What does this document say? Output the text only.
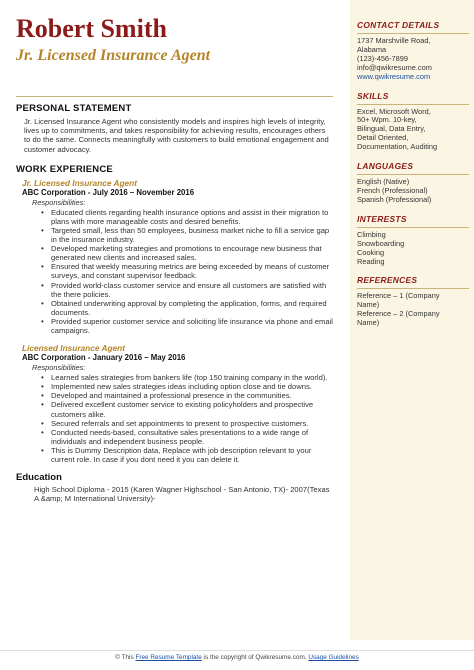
Robert Smith
Jr. Licensed Insurance Agent
PERSONAL STATEMENT
Jr. Licensed Insurance Agent who consistently models and inspires high levels of integrity, lives up to commitments, and takes responsibility for achieving results, encourages others to do the same. Connects meaningfully with customers to build emotional engagement and customer advocacy.
WORK EXPERIENCE
Jr. Licensed Insurance Agent
ABC Corporation - July 2016 – November 2016
Responsibilities:
• Educated clients regarding health insurance options and assist in their migration to plans with more manageable costs and desired benefits.
• Targeted small, less than 50 employees, business market niche to fill a service gap in the insurance industry.
• Developed marketing strategies and promotions to encourage new business that generated new clients and increased sales.
• Ensured that weekly measuring metrics are being exceeded by means of customer surveys, and constant supervisor feedback.
• Provided world-class customer service and ensure all customers are satisfied with the there policies.
• Obtained underwriting approval by completing the application, forms, and required documents.
• Provided superior customer service and soliciting life insurance via phone and email campaigns.
Licensed Insurance Agent
ABC Corporation - January 2016 – May 2016
Responsibilities:
• Learned sales strategies from bankers life (top 150 training company in the world).
• Implemented new sales strategies ideas including option close and tie downs.
• Developed and maintained a professional presence in the communities.
• Delivered excellent customer service to existing policyholders and prospective customers alike.
• Secured referrals and set appointments to present to prospective customers.
• Conducted needs-based, consultative sales presentations to a wide range of individuals and independent business people.
• This is Dummy Description data, Replace with job description relevant to your current role. In case if you dont need it you can delete it.
Education
High School Diploma - 2015 (Karen Wagner Highschool - San Antonio, TX)- 2007(Texas A &amp; M International University)-
CONTACT DETAILS
1737 Marshville Road,
Alabama
(123)-456-7899
info@qwikresume.com
www.qwikresume.com
SKILLS
Excel, Microsoft Word,
50+ Wpm. 10-key,
Bilingual, Data Entry,
Detail Oriented,
Documentation, Auditing
LANGUAGES
English (Native)
French (Professional)
Spanish (Professional)
INTERESTS
Climbing
Snowboarding
Cooking
Reading
REFERENCES
Reference – 1 (Company
Name)
Reference – 2 (Company
Name)
© This Free Resume Template is the copyright of Qwikresume.com. Usage Guidelines
